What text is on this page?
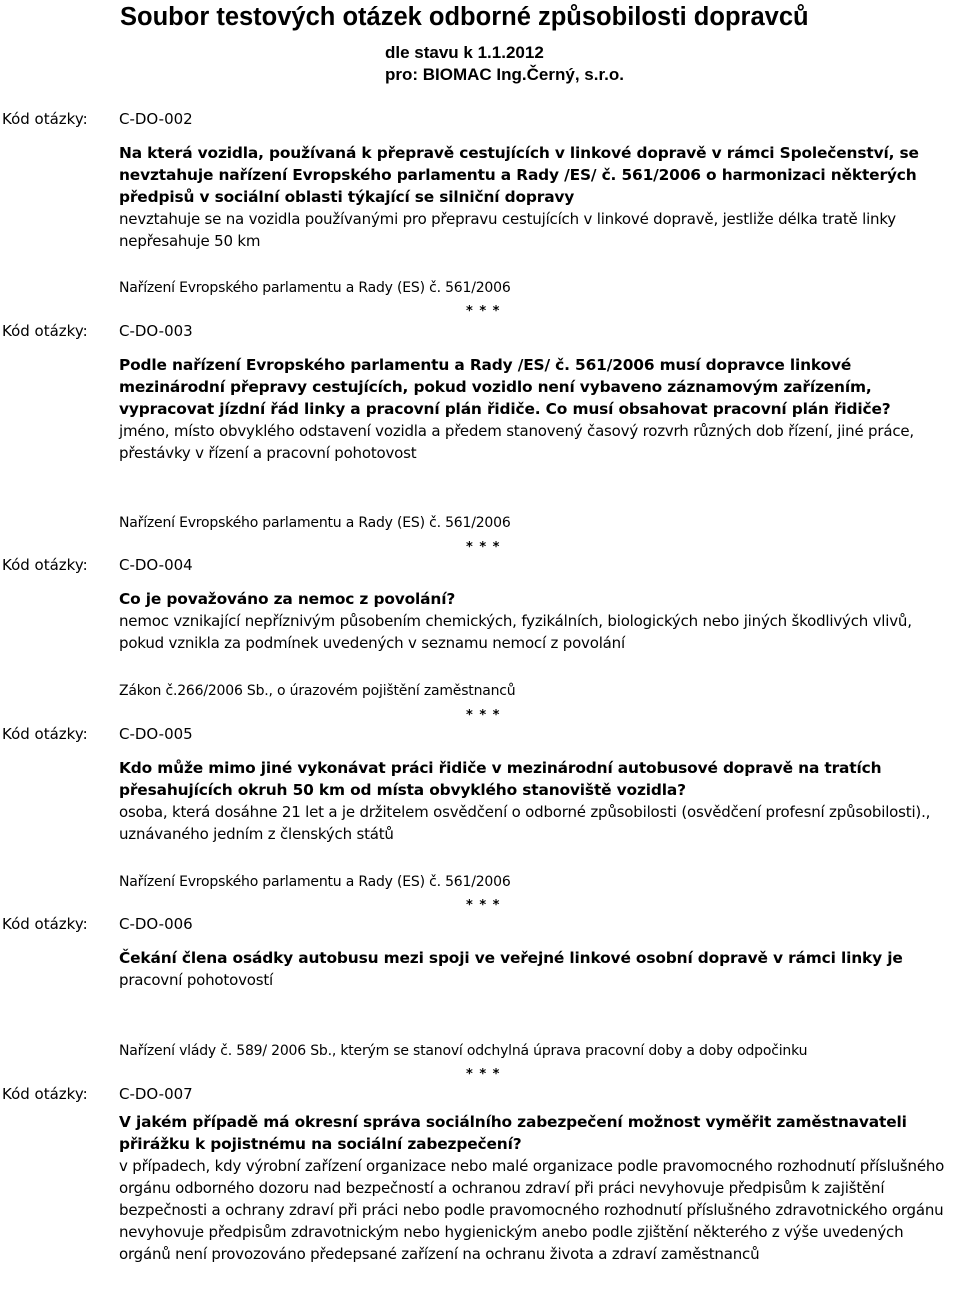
Soubor testových otázek odborné způsobilosti dopravců
dle stavu k 1.1.2012
pro: BIOMAC Ing.Černý, s.r.o.
Kód otázky: C-DO-002

Na která vozidla, používaná k přepravě cestujících v linkové dopravě v rámci Společenství, se nevztahuje nařízení Evropského parlamentu a Rady /ES/ č. 561/2006 o harmonizaci některých předpisů v sociální oblasti týkající se silniční dopravy

nevztahuje se na vozidla používanými pro přepravu cestujících v linkové dopravě, jestliže délka tratě linky nepřesahuje 50 km

Nařízení Evropského parlamentu a Rady (ES) č. 561/2006
* * *
Kód otázky: C-DO-003

Podle nařízení Evropského parlamentu a Rady /ES/ č. 561/2006 musí dopravce linkové mezinárodní přepravy cestujících, pokud vozidlo není vybaveno záznamovým zařízením, vypracovat jízdní řád linky a pracovní plán řidiče. Co musí obsahovat pracovní plán řidiče?

jméno, místo obvyklého odstavení vozidla a předem stanovený časový rozvrh různých dob řízení, jiné práce, přestávky v řízení a pracovní pohotovost

Nařízení Evropského parlamentu a Rady (ES) č. 561/2006
* * *
Kód otázky: C-DO-004

Co je považováno za nemoc z povolání?

nemoc vznikající nepříznivým působením chemických, fyzikálních, biologických nebo jiných škodlivých vlivů, pokud vznikla za podmínek uvedených v seznamu nemocí z povolání

Zákon č.266/2006 Sb., o úrazovém pojištění zaměstnanců
* * *
Kód otázky: C-DO-005

Kdo může mimo jiné vykonávat práci řidiče v mezinárodní autobusové dopravě na tratích přesahujících okruh 50 km od místa obvyklého stanoviště vozidla?

osoba, která dosáhne 21 let a je držitelem osvědčení o odborné způsobilosti (osvědčení profesní způsobilosti)., uznávaného jedním z členských států

Nařízení Evropského parlamentu a Rady (ES) č. 561/2006
* * *
Kód otázky: C-DO-006

Čekání člena osádky autobusu mezi spoji ve veřejné linkové osobní dopravě v rámci linky je

pracovní pohotovostí

Nařízení vlády č. 589/ 2006 Sb., kterým se stanoví odchylná úprava pracovní doby a doby odpočinku
* * *
Kód otázky: C-DO-007

V jakém případě má okresní správa sociálního zabezpečení možnost vyměřit zaměstnavateli přirážku k pojistnému na sociální zabezpečení?

v případech, kdy výrobní zařízení organizace nebo malé organizace podle pravomocného rozhodnutí příslušného orgánu odborného dozoru nad bezpečností a ochranou zdraví při práci nevyhovuje předpisům k zajištění bezpečnosti a ochrany zdraví při práci nebo podle pravomocného rozhodnutí příslušného zdravotnického orgánu nevyhovuje předpisům zdravotnickým nebo hygienickým anebo podle zjištění některého z výše uvedených orgánů není provozováno předepsané zařízení na ochranu života a zdraví zaměstnanců
